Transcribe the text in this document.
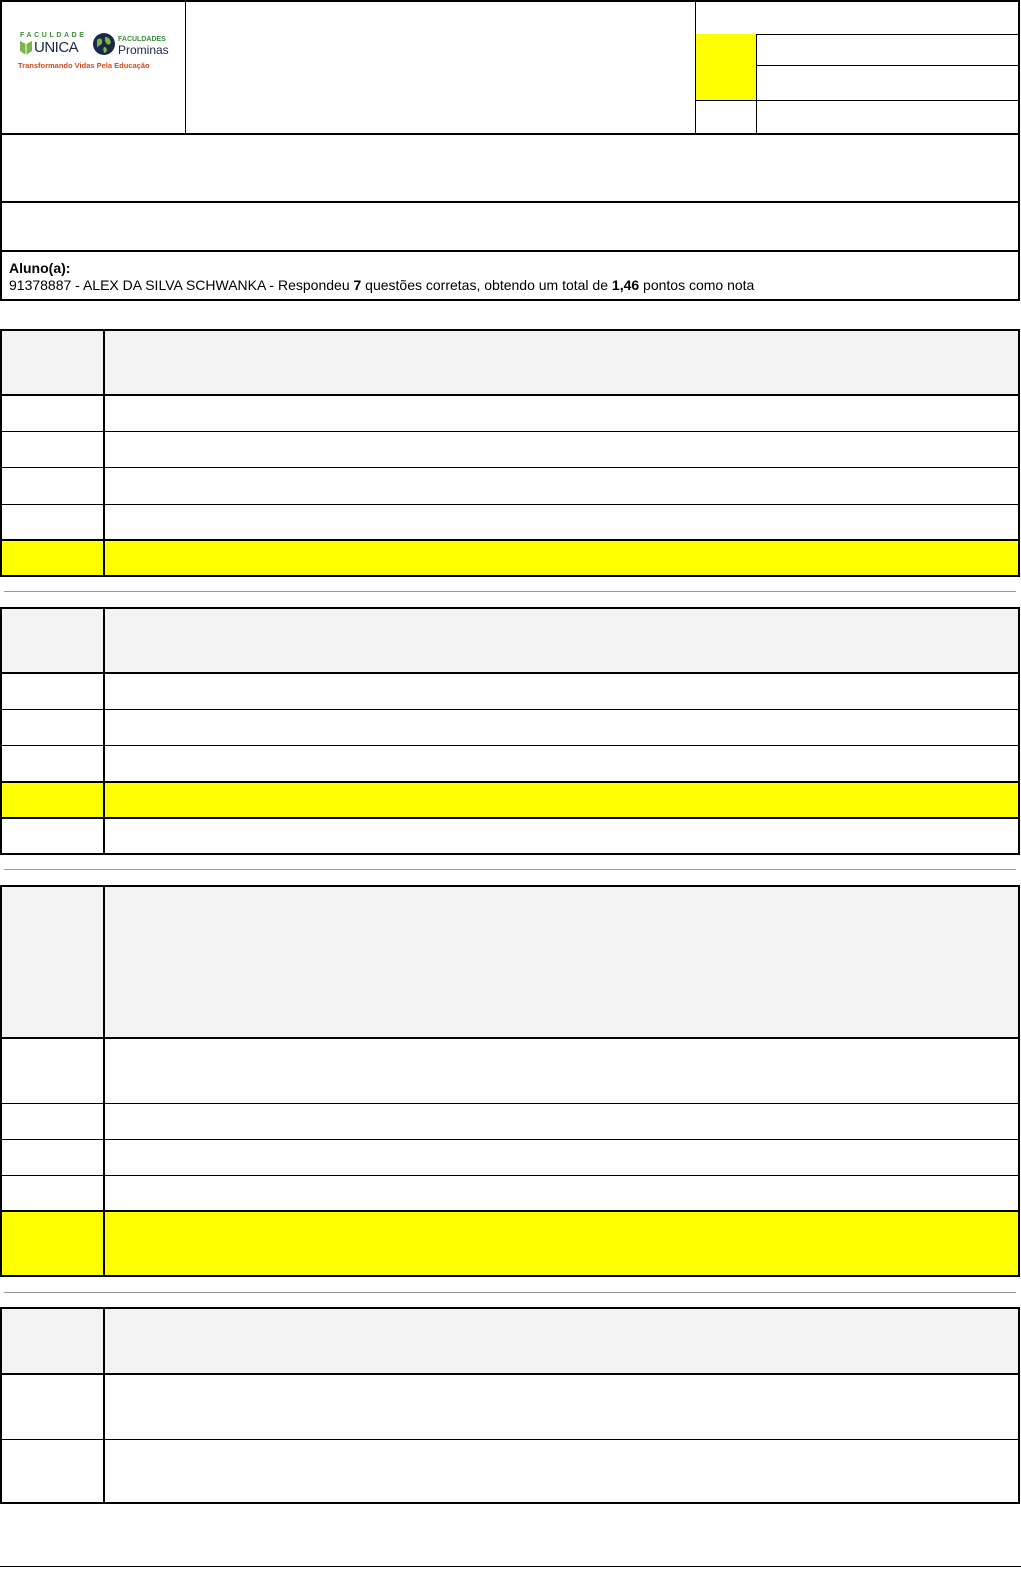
FACULDADE
UNICA	FACULDADES
Prominas
Transformando Vidas Pela Educação
Aluno(a):
91378887 - ALEX DA SILVA SCHWANKA - Respondeu 7 questões corretas, obtendo um total de 1,46 pontos como nota
